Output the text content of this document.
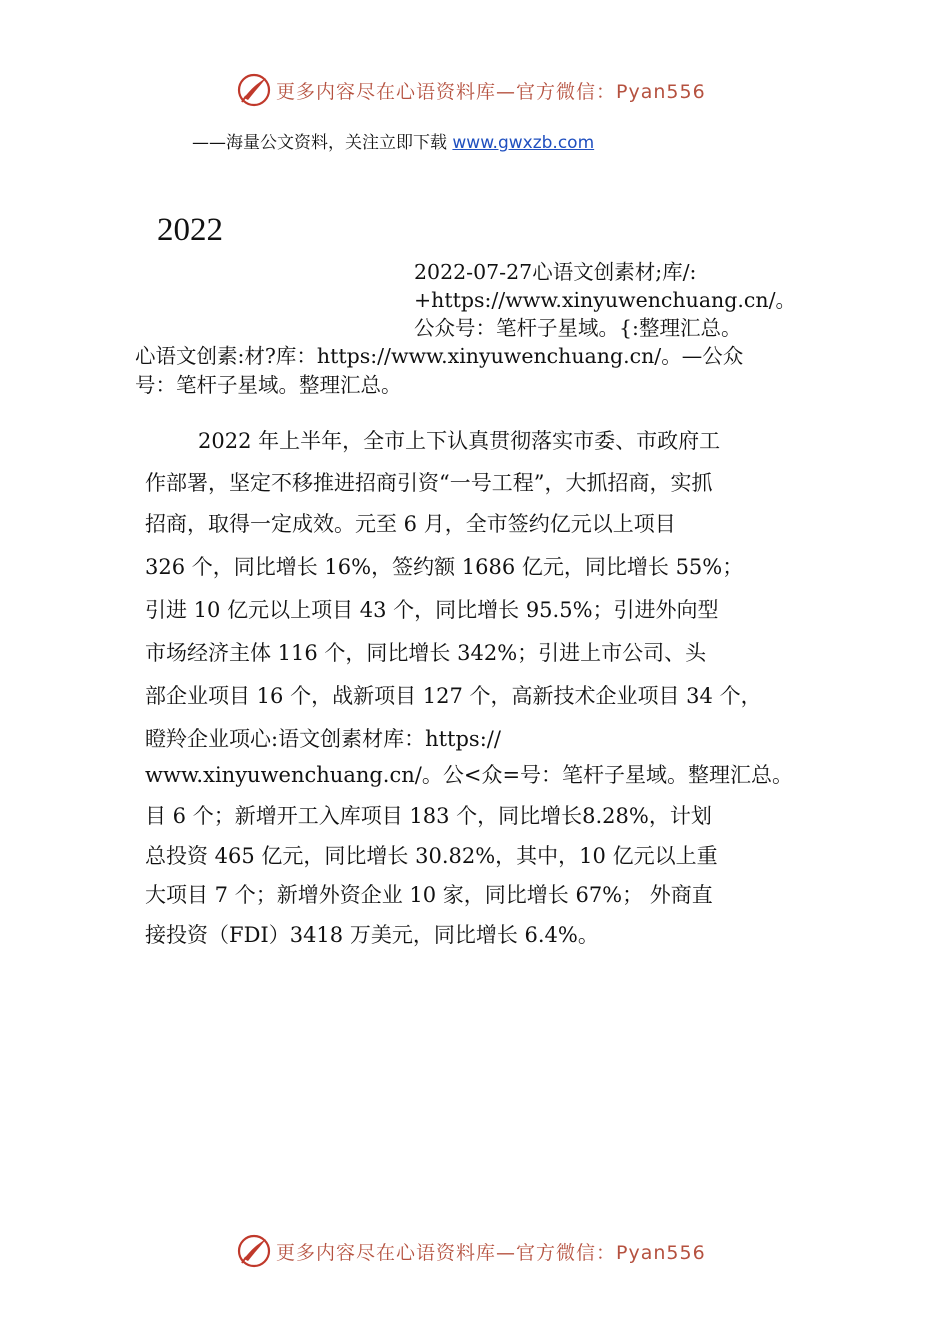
更多内容尽在心语资料库—官方微信：Pyan556
——海量公文资料，关注立即下载 www.gwxzb.com
2022
2022-07-27心语文创素材;库/:
+https://www.xinyuwenchuang.cn/。
公众号：笔杆子星域。{:整理汇总。
心语文创素:材?库：https://www.xinyuwenchuang.cn/。—公众
号：笔杆子星域。整理汇总。
2022 年上半年，全市上下认真贯彻落实市委、市政府工
作部署，坚定不移推进招商引资“一号工程”，大抓招商，实抓
招商，取得一定成效。元至 6 月，全市签约亿元以上项目
326 个，同比增长 16%，签约额 1686 亿元，同比增长 55%；
引进 10 亿元以上项目 43 个，同比增长 95.5%；引进外向型
市场经济主体 116 个，同比增长 342%；引进上市公司、头
部企业项目 16 个，战新项目 127 个，高新技术企业项目 34 个，
瞪羚企业项心:语文创素材库：https://
www.xinyuwenchuang.cn/。公<众=号：笔杆子星域。整理汇总。
目 6 个；新增开工入库项目 183 个，同比增长8.28%，计划
总投资 465 亿元，同比增长 30.82%，其中，10 亿元以上重
大项目 7 个；新增外资企业 10 家，同比增长 67%； 外商直
接投资（FDI）3418 万美元，同比增长 6.4%。
更多内容尽在心语资料库—官方微信：Pyan556
